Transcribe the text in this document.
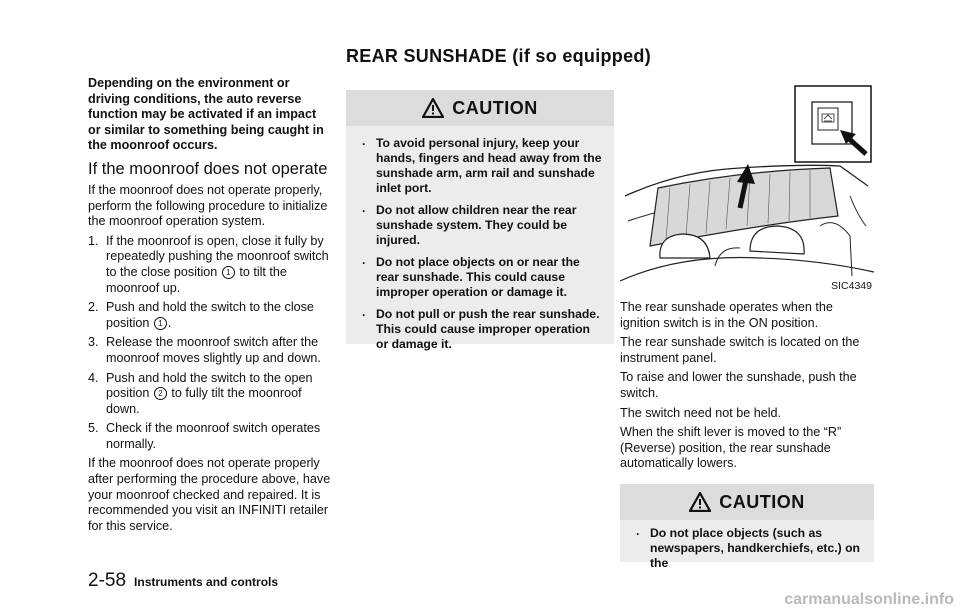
REAR SUNSHADE (if so equipped)

Depending on the environment or driving conditions, the auto reverse function may be activated if an impact or similar to something being caught in the moonroof occurs.

If the moonroof does not operate

If the moonroof does not operate properly, perform the following procedure to initialize the moonroof operation system.

1. If the moonroof is open, close it fully by repeatedly pushing the moonroof switch to the close position 1 to tilt the moonroof up.
2. Push and hold the switch to the close position 1 .
3. Release the moonroof switch after the moonroof moves slightly up and down.
4. Push and hold the switch to the open position 2 to fully tilt the moonroof down.
5. Check if the moonroof switch operates normally.

If the moonroof does not operate properly after performing the procedure above, have your moonroof checked and repaired. It is recommended you visit an INFINITI retailer for this service.

CAUTION
. To avoid personal injury, keep your hands, fingers and head away from the sunshade arm, arm rail and sunshade inlet port.
. Do not allow children near the rear sunshade system. They could be injured.
. Do not place objects on or near the rear sunshade. This could cause improper operation or damage it.
. Do not pull or push the rear sunshade. This could cause improper operation or damage it.
SIC4349

The rear sunshade operates when the ignition switch is in the ON position.

The rear sunshade switch is located on the instrument panel.

To raise and lower the sunshade, push the switch.

The switch need not be held.

When the shift lever is moved to the “R” (Reverse) position, the rear sunshade automatically lowers.

CAUTION
. Do not place objects (such as newspapers, handkerchiefs, etc.) on the
2-58 Instruments and controls
carmanualsonline.info
